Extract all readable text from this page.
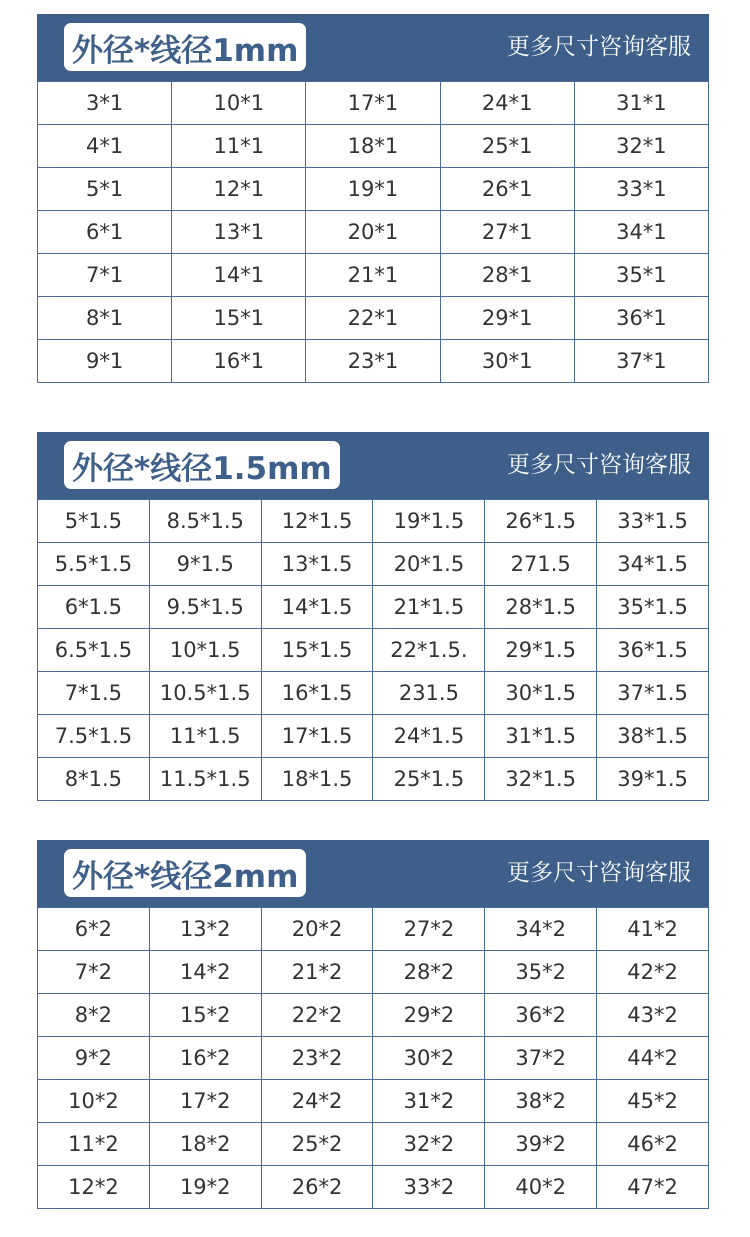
外径*线径1mm	更多尺寸咨询客服
3*1	10*1	17*1	24*1	31*1
4*1	11*1	18*1	25*1	32*1
5*1	12*1	19*1	26*1	33*1
6*1	13*1	20*1	27*1	34*1
7*1	14*1	21*1	28*1	35*1
8*1	15*1	22*1	29*1	36*1
9*1	16*1	23*1	30*1	37*1
外径*线径1.5mm	更多尺寸咨询客服
5*1.5	8.5*1.5	12*1.5	19*1.5	26*1.5	33*1.5
5.5*1.5	9*1.5	13*1.5	20*1.5	271.5	34*1.5
6*1.5	9.5*1.5	14*1.5	21*1.5	28*1.5	35*1.5
6.5*1.5	10*1.5	15*1.5	22*1.5.	29*1.5	36*1.5
7*1.5	10.5*1.5	16*1.5	231.5	30*1.5	37*1.5
7.5*1.5	11*1.5	17*1.5	24*1.5	31*1.5	38*1.5
8*1.5	11.5*1.5	18*1.5	25*1.5	32*1.5	39*1.5
外径*线径2mm	更多尺寸咨询客服
6*2	13*2	20*2	27*2	34*2	41*2
7*2	14*2	21*2	28*2	35*2	42*2
8*2	15*2	22*2	29*2	36*2	43*2
9*2	16*2	23*2	30*2	37*2	44*2
10*2	17*2	24*2	31*2	38*2	45*2
11*2	18*2	25*2	32*2	39*2	46*2
12*2	19*2	26*2	33*2	40*2	47*2
